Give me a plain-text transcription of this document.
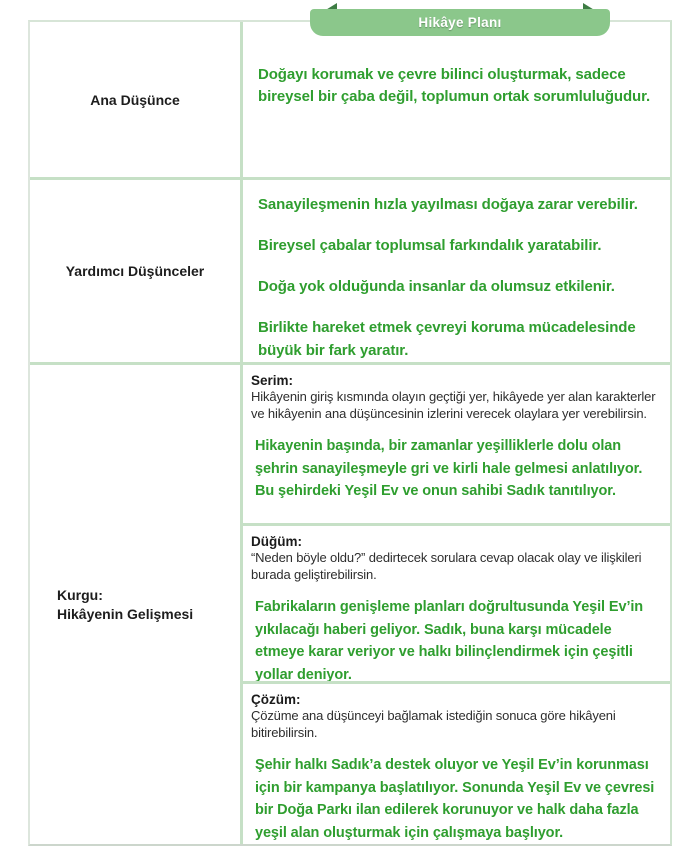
Hikâye Planı
Ana Düşünce

Doğayı korumak ve çevre bilinci oluşturmak, sadece bireysel bir çaba değil, toplumun ortak sorumluluğudur.

Yardımcı Düşünceler

Sanayileşmenin hızla yayılması doğaya zarar verebilir.

Bireysel çabalar toplumsal farkındalık yaratabilir.

Doğa yok olduğunda insanlar da olumsuz etkilenir.

Birlikte hareket etmek çevreyi koruma mücadelesinde büyük bir fark yaratır.

Kurgu:
Hikâyenin Gelişmesi
Serim:
Hikâyenin giriş kısmında olayın geçtiği yer, hikâyede yer alan karakterler ve hikâyenin ana düşüncesinin izlerini verecek olaylara yer verebilirsin.

Hikayenin başında, bir zamanlar yeşilliklerle dolu olan şehrin sanayileşmeyle gri ve kirli hale gelmesi anlatılıyor. Bu şehirdeki Yeşil Ev ve onun sahibi Sadık tanıtılıyor.

Düğüm:
“Neden böyle oldu?” dedirtecek sorulara cevap olacak olay ve ilişkileri burada geliştirebilirsin.

Fabrikaların genişleme planları doğrultusunda Yeşil Ev’in yıkılacağı haberi geliyor. Sadık, buna karşı mücadele etmeye karar veriyor ve halkı bilinçlendirmek için çeşitli yollar deniyor.

Çözüm:
Çözüme ana düşünceyi bağlamak istediğin sonuca göre hikâyeni bitirebilirsin.

Şehir halkı Sadık’a destek oluyor ve Yeşil Ev’in korunması için bir kampanya başlatılıyor. Sonunda Yeşil Ev ve çevresi bir Doğa Parkı ilan edilerek korunuyor ve halk daha fazla yeşil alan oluşturmak için çalışmaya başlıyor.
